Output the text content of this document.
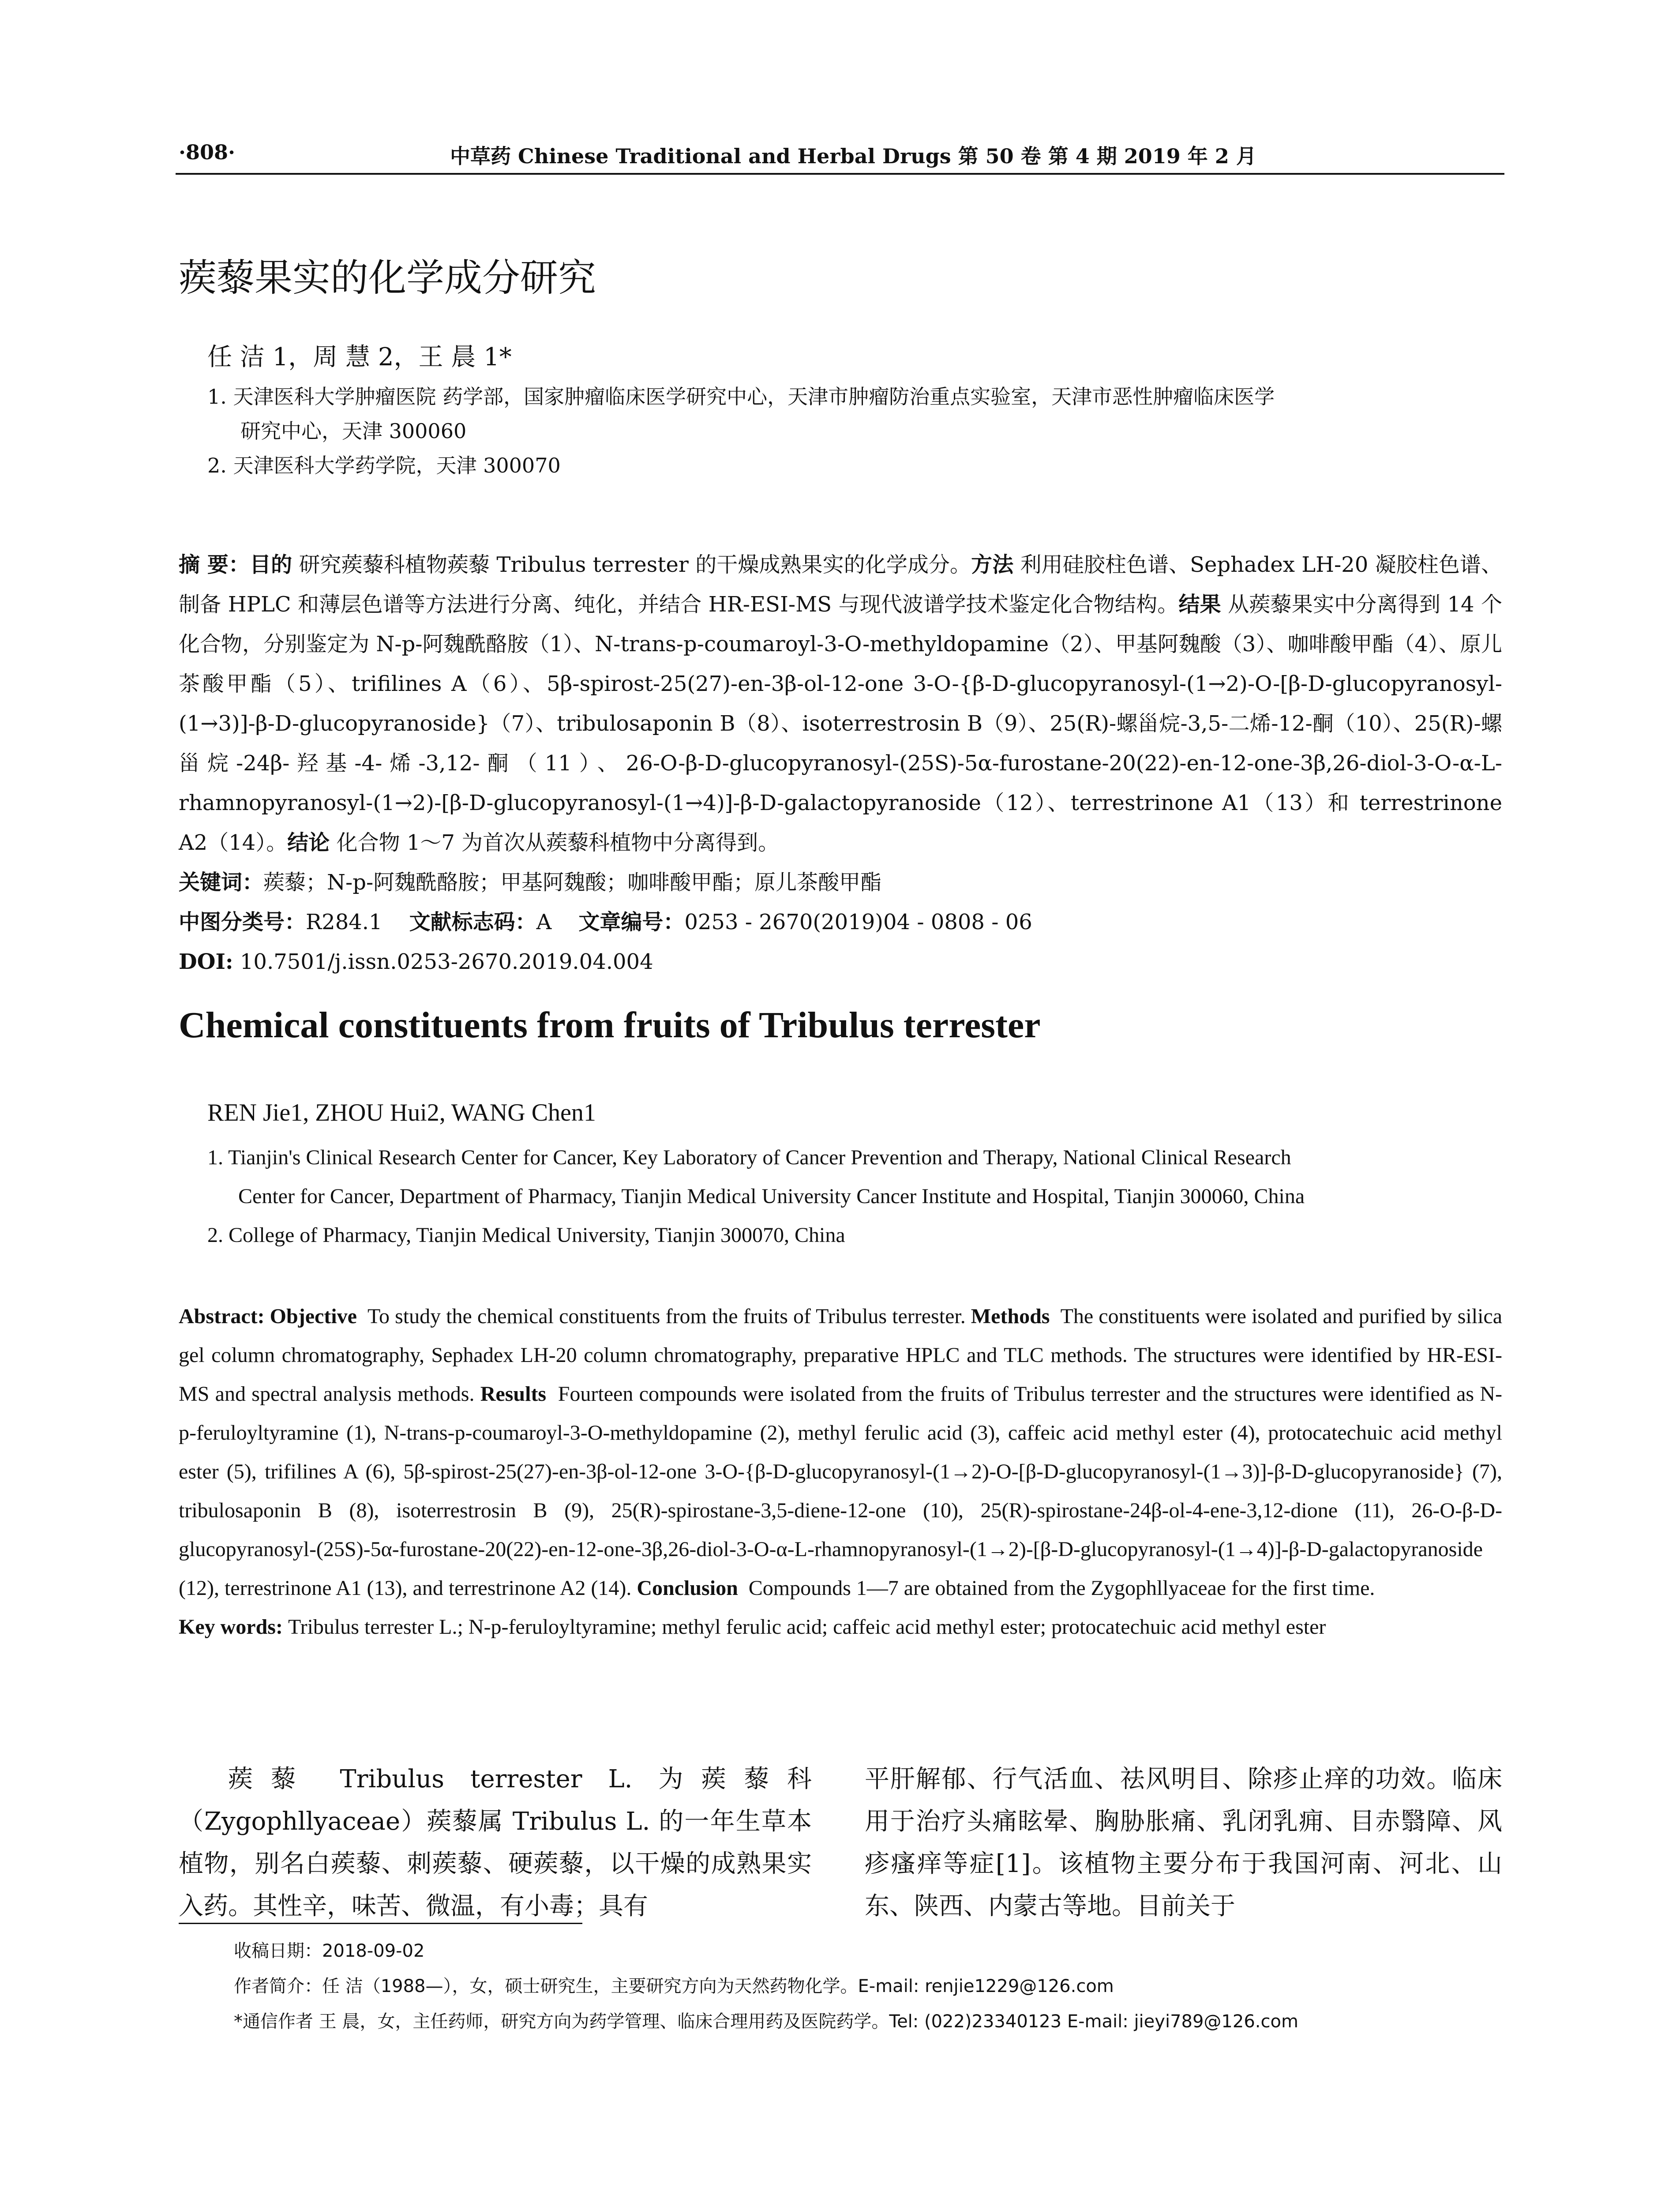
·808·	中草药 Chinese Traditional and Herbal Drugs 第 50 卷 第 4 期 2019 年 2 月
蒺藜果实的化学成分研究
任 洁 1，周 慧 2，王 晨 1*
1. 天津医科大学肿瘤医院 药学部，国家肿瘤临床医学研究中心，天津市肿瘤防治重点实验室，天津市恶性肿瘤临床医学
研究中心，天津 300060
2. 天津医科大学药学院，天津 300070

摘 要：目的 研究蒺藜科植物蒺藜 Tribulus terrester 的干燥成熟果实的化学成分。方法 利用硅胶柱色谱、Sephadex LH-20 凝胶柱色谱、制备 HPLC 和薄层色谱等方法进行分离、纯化，并结合 HR-ESI-MS 与现代波谱学技术鉴定化合物结构。结果 从蒺藜果实中分离得到 14 个化合物，分别鉴定为 N-p-阿魏酰酪胺（1）、N-trans-p-coumaroyl-3-O-methyldopamine（2）、甲基阿魏酸（3）、咖啡酸甲酯（4）、原儿茶酸甲酯（5）、trifilines A（6）、5β-spirost-25(27)-en-3β-ol-12-one 3-O-{β-D-glucopyranosyl-(1→2)-O-[β-D-glucopyranosyl-(1→3)]-β-D-glucopyranoside}（7）、tribulosaponin B（8）、isoterrestrosin B（9）、25(R)-螺甾烷-3,5-二烯-12-酮（10）、25(R)-螺甾烷-24β-羟基-4-烯-3,12-酮（11）、26-O-β-D-glucopyranosyl-(25S)-5α-furostane-20(22)-en-12-one-3β,26-diol-3-O-α-L-rhamnopyranosyl-(1→2)-[β-D-glucopyranosyl-(1→4)]-β-D-galactopyranoside（12）、terrestrinone A1（13）和 terrestrinone A2（14）。结论 化合物 1～7 为首次从蒺藜科植物中分离得到。

关键词：蒺藜；N-p-阿魏酰酪胺；甲基阿魏酸；咖啡酸甲酯；原儿茶酸甲酯

中图分类号：R284.1 文献标志码：A 文章编号：0253 - 2670(2019)04 - 0808 - 06

DOI: 10.7501/j.issn.0253-2670.2019.04.004

Chemical constituents from fruits of Tribulus terrester
REN Jie1, ZHOU Hui2, WANG Chen1
1. Tianjin's Clinical Research Center for Cancer, Key Laboratory of Cancer Prevention and Therapy, National Clinical Research
Center for Cancer, Department of Pharmacy, Tianjin Medical University Cancer Institute and Hospital, Tianjin 300060, China
2. College of Pharmacy, Tianjin Medical University, Tianjin 300070, China

Abstract: Objective To study the chemical constituents from the fruits of Tribulus terrester. Methods The constituents were isolated and purified by silica gel column chromatography, Sephadex LH-20 column chromatography, preparative HPLC and TLC methods. The structures were identified by HR-ESI-MS and spectral analysis methods. Results Fourteen compounds were isolated from the fruits of Tribulus terrester and the structures were identified as N-p-feruloyltyramine (1), N-trans-p-coumaroyl-3-O-methyldopamine (2), methyl ferulic acid (3), caffeic acid methyl ester (4), protocatechuic acid methyl ester (5), trifilines A (6), 5β-spirost-25(27)-en-3β-ol-12-one 3-O-{β-D-glucopyranosyl-(1→2)-O-[β-D-glucopyranosyl-(1→3)]-β-D-glucopyranoside} (7), tribulosaponin B (8), isoterrestrosin B (9), 25(R)-spirostane-3,5-diene-12-one (10), 25(R)-spirostane-24β-ol-4-ene-3,12-dione (11), 26-O-β-D-glucopyranosyl-(25S)-5α-furostane-20(22)-en-12-one-3β,26-diol-3-O-α-L-rhamnopyranosyl-(1→2)-[β-D-glucopyranosyl-(1→4)]-β-D-galactopyranoside (12), terrestrinone A1 (13), and terrestrinone A2 (14). Conclusion Compounds 1—7 are obtained from the Zygophllyaceae for the first time.

Key words: Tribulus terrester L.; N-p-feruloyltyramine; methyl ferulic acid; caffeic acid methyl ester; protocatechuic acid methyl ester

蒺藜 Tribulus terrester L. 为蒺藜科（Zygophllyaceae）蒺藜属 Tribulus L. 的一年生草本植物，别名白蒺藜、刺蒺藜、硬蒺藜，以干燥的成熟果实入药。其性辛，味苦、微温，有小毒；具有

平肝解郁、行气活血、祛风明目、除疹止痒的功效。临床用于治疗头痛眩晕、胸胁胀痛、乳闭乳痈、目赤翳障、风疹瘙痒等症[1]。该植物主要分布于我国河南、河北、山东、陕西、内蒙古等地。目前关于

收稿日期：2018-09-02
作者简介：任 洁（1988—），女，硕士研究生，主要研究方向为天然药物化学。E-mail: renjie1229@126.com
*通信作者 王 晨，女，主任药师，研究方向为药学管理、临床合理用药及医院药学。Tel: (022)23340123 E-mail: jieyi789@126.com
